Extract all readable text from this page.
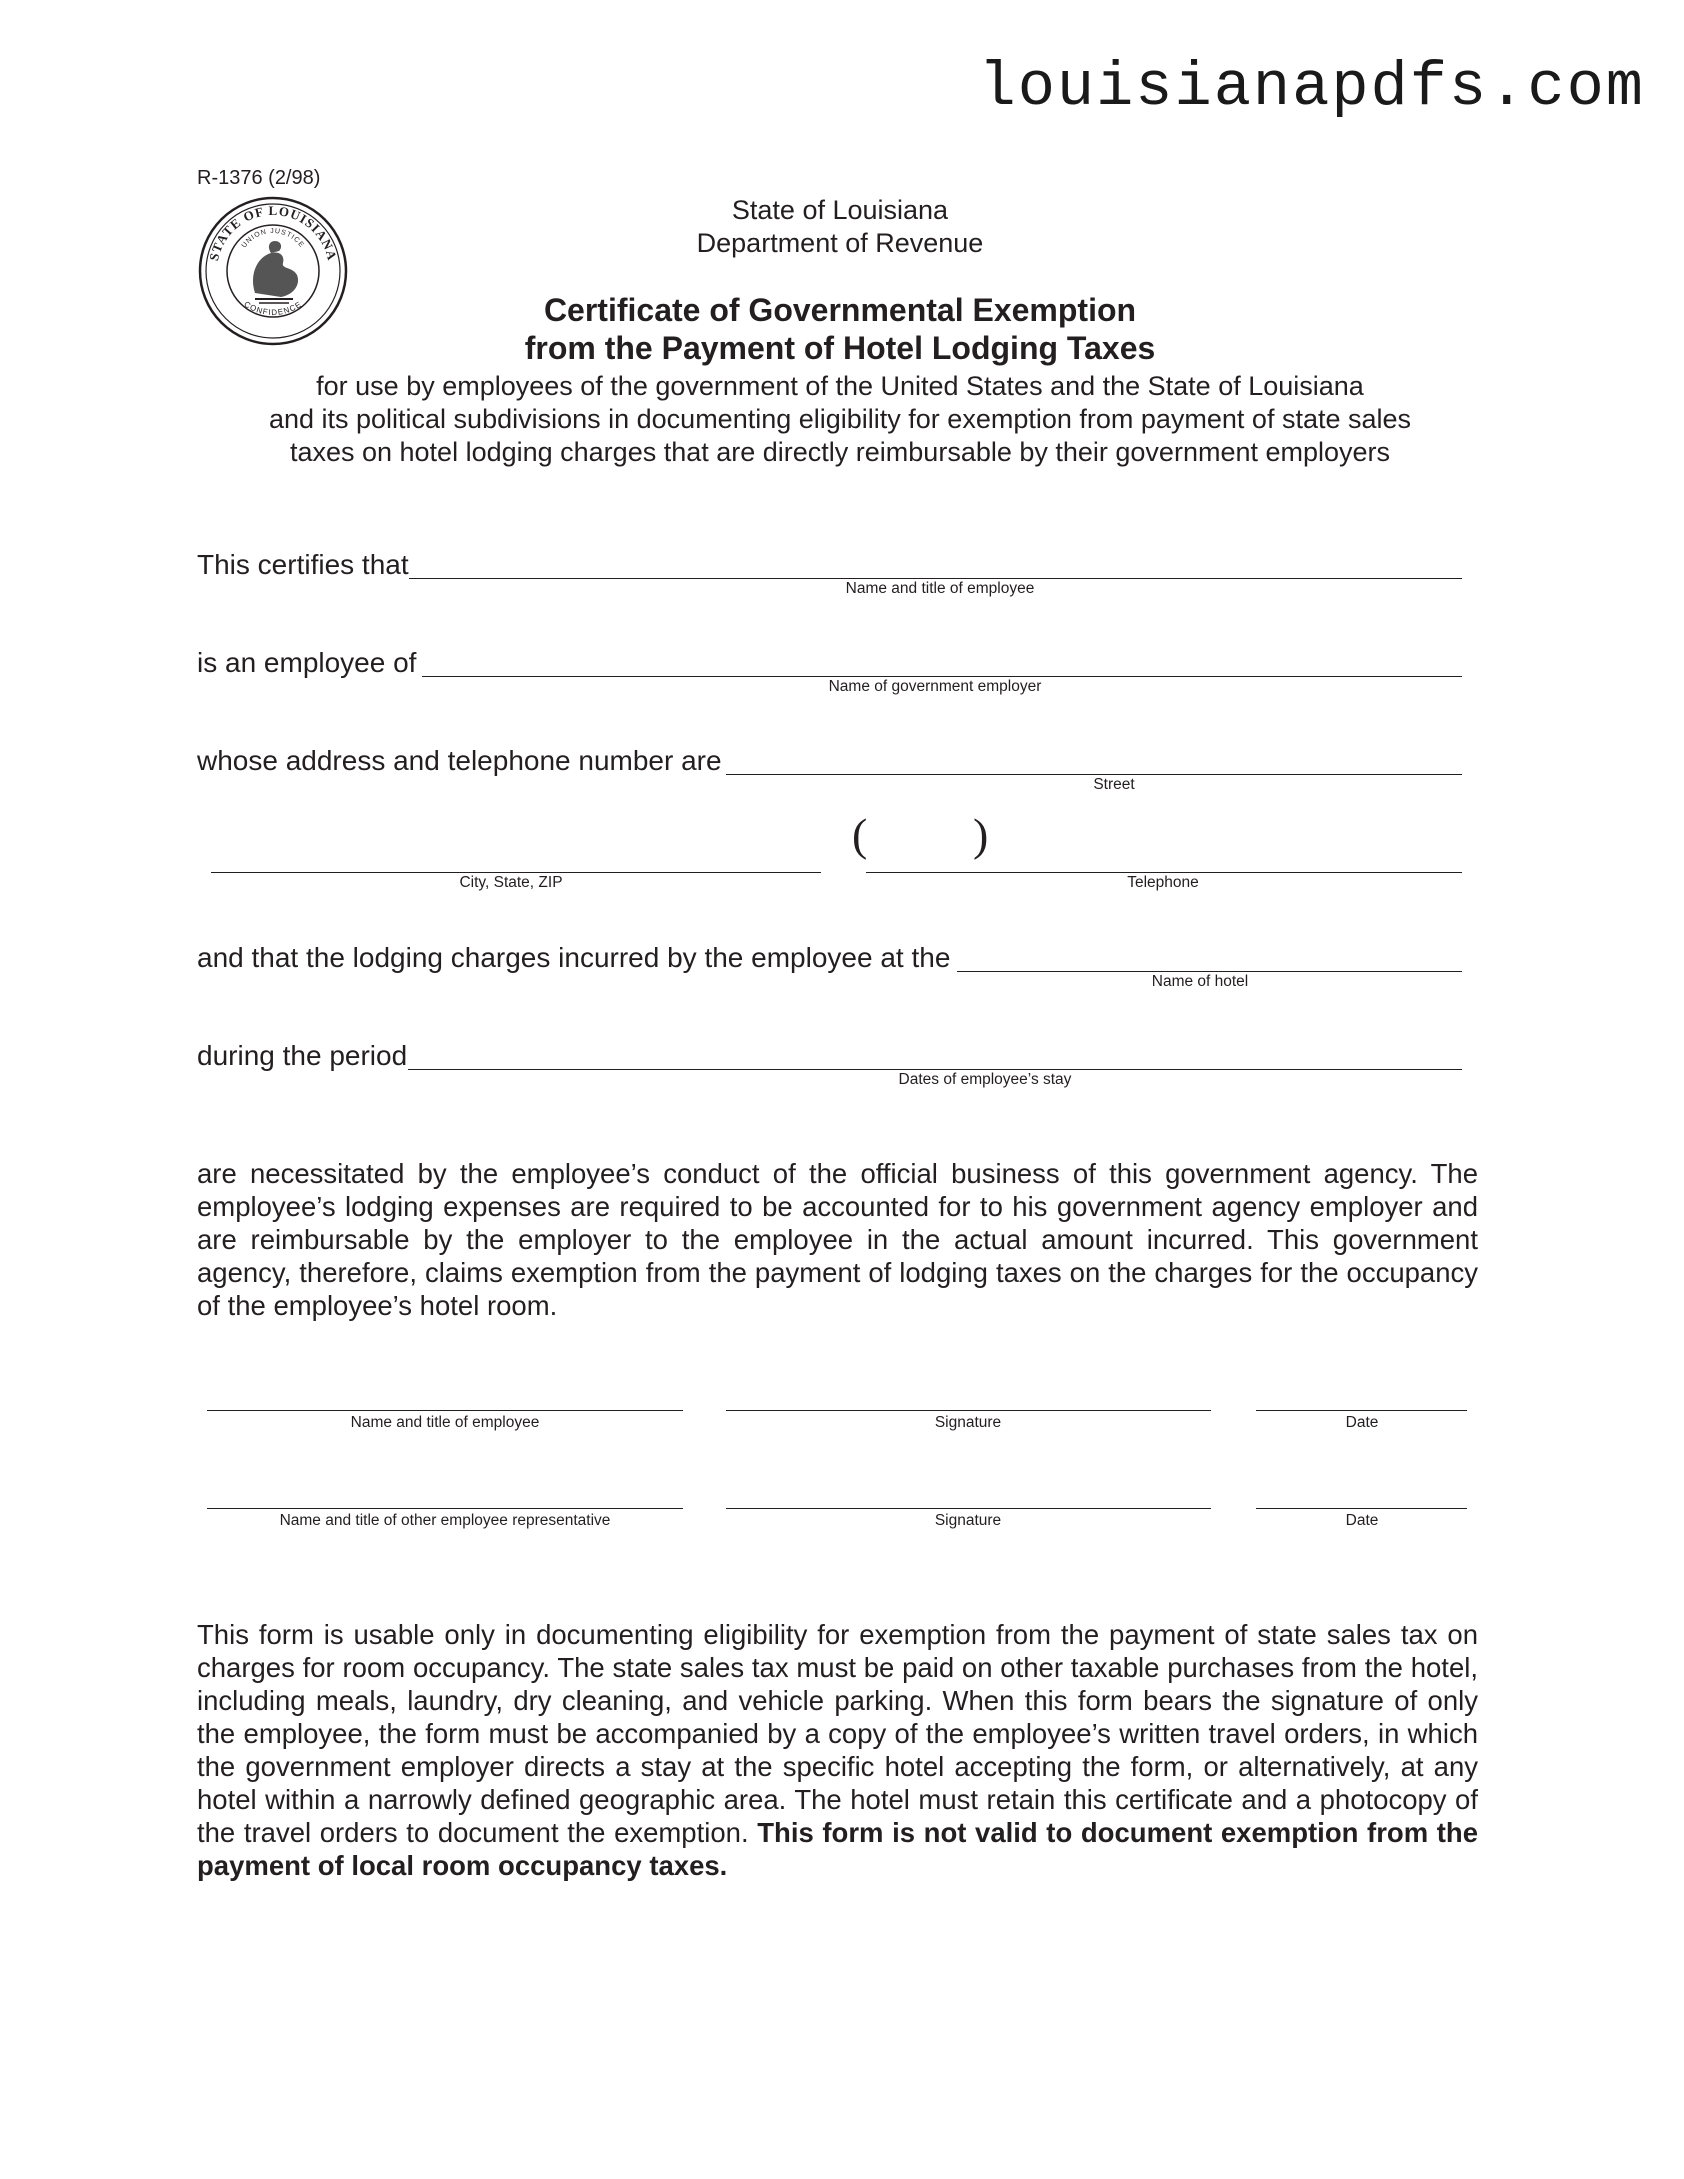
louisianapdfs.com
R-1376 (2/98)
STATE OF LOUISIANA
CONFIDENCE
UNION JUSTICE
State of Louisiana
Department of Revenue
Certificate of Governmental Exemption
from the Payment of Hotel Lodging Taxes
for use by employees of the government of the United States and the State of Louisiana
and its political subdivisions in documenting eligibility for exemption from payment of state sales
taxes on hotel lodging charges that are directly reimbursable by their government employers
This certifies that
Name and title of employee
is an employee of
Name of government employer
whose address and telephone number are
Street
City, State, ZIP
( )
Telephone
and that the lodging charges incurred by the employee at the
Name of hotel
during the period
Dates of employee’s stay
are necessitated by the employee’s conduct of the official business of this government agency. The employee’s lodging expenses are required to be accounted for to his government agency employer and are reimbursable by the employer to the employee in the actual amount incurred. This government agency, therefore, claims exemption from the payment of lodging taxes on the charges for the occupancy of the employee’s hotel room.
Name and title of employee	Signature	Date
Name and title of other employee representative	Signature	Date
This form is usable only in documenting eligibility for exemption from the payment of state sales tax on charges for room occupancy. The state sales tax must be paid on other taxable purchases from the hotel, including meals, laundry, dry cleaning, and vehicle parking. When this form bears the signature of only the employee, the form must be accompanied by a copy of the employee’s written travel orders, in which the government employer directs a stay at the specific hotel accepting the form, or alternatively, at any hotel within a narrowly defined geographic area. The hotel must retain this certificate and a photocopy of the travel orders to document the exemption. This form is not valid to document exemption from the payment of local room occupancy taxes.
